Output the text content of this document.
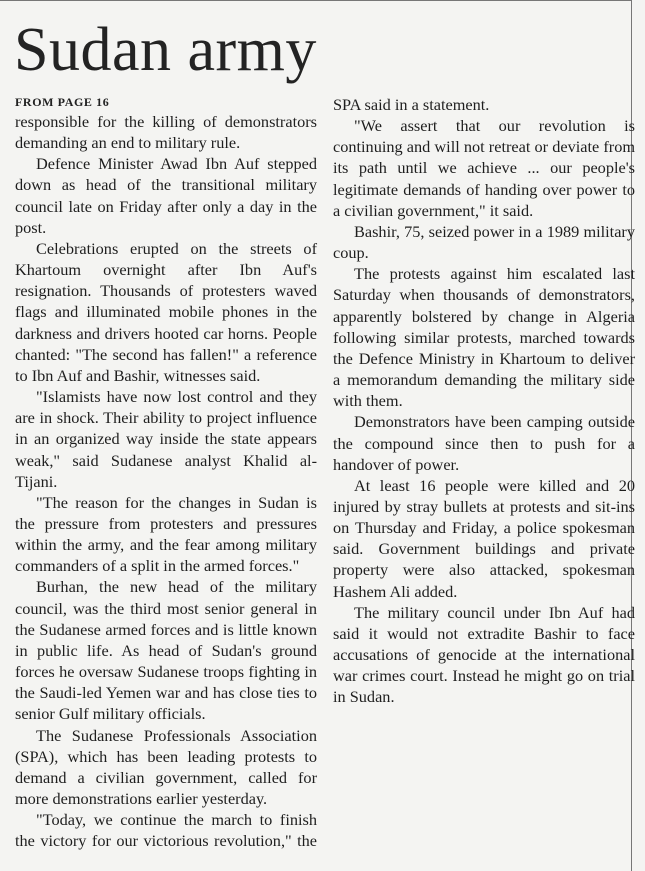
Sudan army
FROM PAGE 16

responsible for the killing of demonstrators demanding an end to military rule.

Defence Minister Awad Ibn Auf stepped down as head of the transitional military council late on Friday after only a day in the post.

Celebrations erupted on the streets of Khartoum overnight after Ibn Auf's resignation. Thousands of protesters waved flags and illuminated mobile phones in the darkness and drivers hooted car horns. People chanted: "The second has fallen!" a reference to Ibn Auf and Bashir, witnesses said.

"Islamists have now lost control and they are in shock. Their ability to project influence in an organized way inside the state appears weak," said Sudanese analyst Khalid al-Tijani.

"The reason for the changes in Sudan is the pressure from protesters and pressures within the army, and the fear among military commanders of a split in the armed forces."

Burhan, the new head of the military council, was the third most senior general in the Sudanese armed forces and is little known in public life. As head of Sudan's ground forces he oversaw Sudanese troops fighting in the Saudi-led Yemen war and has close ties to senior Gulf military officials.

The Sudanese Professionals Association (SPA), which has been leading protests to demand a civilian government, called for more demonstrations earlier yesterday.

"Today, we continue the march to finish the victory for our victorious revolution," the SPA said in a statement.

"We assert that our revolution is continuing and will not retreat or deviate from its path until we achieve ... our people's legitimate demands of handing over power to a civilian government," it said.

Bashir, 75, seized power in a 1989 military coup.

The protests against him escalated last Saturday when thousands of demonstrators, apparently bolstered by change in Algeria following similar protests, marched towards the Defence Ministry in Khartoum to deliver a memorandum demanding the military side with them.

Demonstrators have been camping outside the compound since then to push for a handover of power.

At least 16 people were killed and 20 injured by stray bullets at protests and sit-ins on Thursday and Friday, a police spokesman said. Government buildings and private property were also attacked, spokesman Hashem Ali added.

The military council under Ibn Auf had said it would not extradite Bashir to face accusations of genocide at the international war crimes court. Instead he might go on trial in Sudan.
